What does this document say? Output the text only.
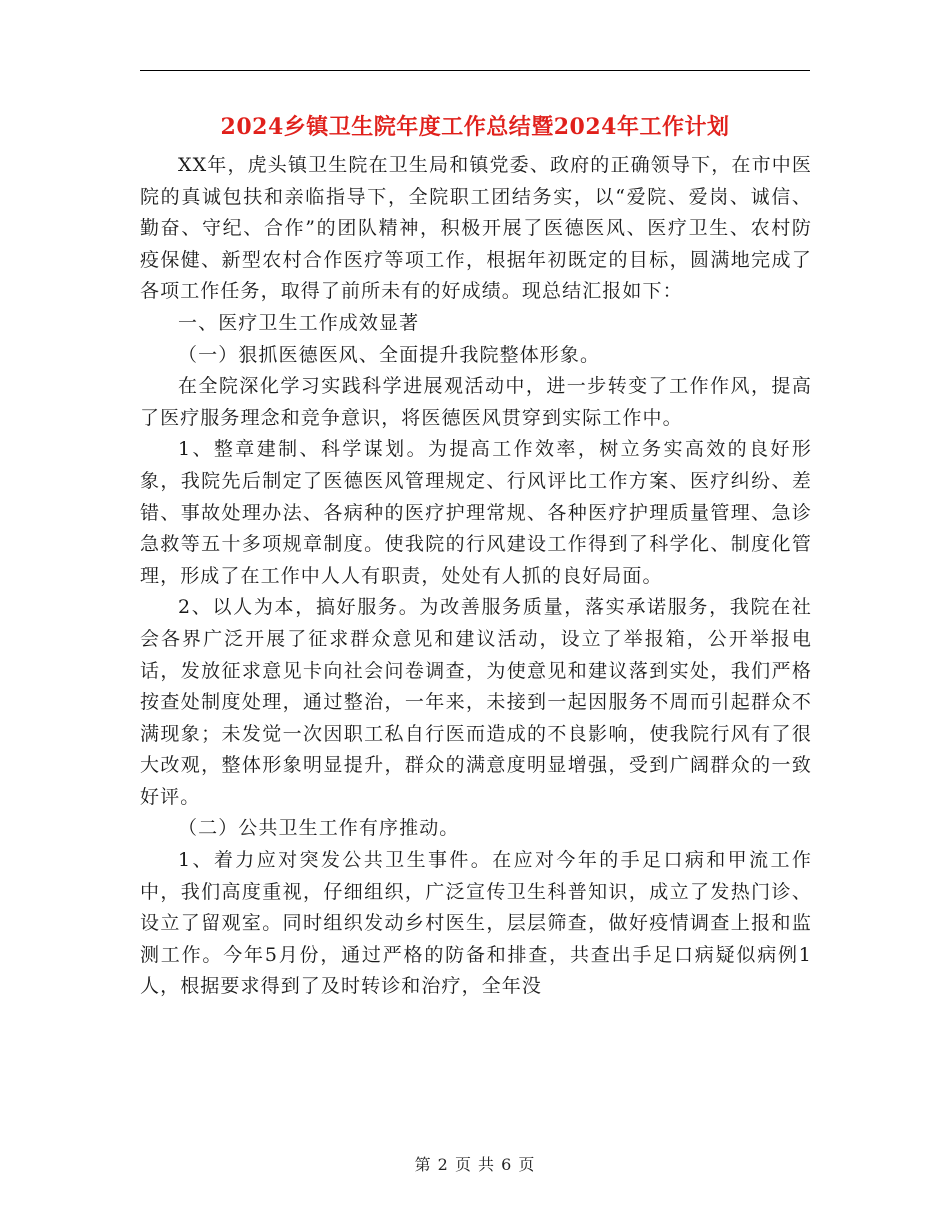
2024乡镇卫生院年度工作总结暨2024年工作计划

XX年，虎头镇卫生院在卫生局和镇党委、政府的正确领导下，在市中医院的真诚包扶和亲临指导下，全院职工团结务实，以“爱院、爱岗、诚信、勤奋、守纪、合作”的团队精神，积极开展了医德医风、医疗卫生、农村防疫保健、新型农村合作医疗等项工作，根据年初既定的目标，圆满地完成了各项工作任务，取得了前所未有的好成绩。现总结汇报如下：

一、医疗卫生工作成效显著

（一）狠抓医德医风、全面提升我院整体形象。

在全院深化学习实践科学进展观活动中，进一步转变了工作作风，提高了医疗服务理念和竞争意识，将医德医风贯穿到实际工作中。

1、整章建制、科学谋划。为提高工作效率，树立务实高效的良好形象，我院先后制定了医德医风管理规定、行风评比工作方案、医疗纠纷、差错、事故处理办法、各病种的医疗护理常规、各种医疗护理质量管理、急诊急救等五十多项规章制度。使我院的行风建设工作得到了科学化、制度化管理，形成了在工作中人人有职责，处处有人抓的良好局面。

2、以人为本，搞好服务。为改善服务质量，落实承诺服务，我院在社会各界广泛开展了征求群众意见和建议活动，设立了举报箱，公开举报电话，发放征求意见卡向社会问卷调查，为使意见和建议落到实处，我们严格按查处制度处理，通过整治，一年来，未接到一起因服务不周而引起群众不满现象；未发觉一次因职工私自行医而造成的不良影响，使我院行风有了很大改观，整体形象明显提升，群众的满意度明显增强，受到广阔群众的一致好评。

（二）公共卫生工作有序推动。

1、着力应对突发公共卫生事件。在应对今年的手足口病和甲流工作中，我们高度重视，仔细组织，广泛宣传卫生科普知识，成立了发热门诊、设立了留观室。同时组织发动乡村医生，层层筛查，做好疫情调查上报和监测工作。今年5月份，通过严格的防备和排查，共查出手足口病疑似病例1人，根据要求得到了及时转诊和治疗，全年没

第 2 页 共 6 页
